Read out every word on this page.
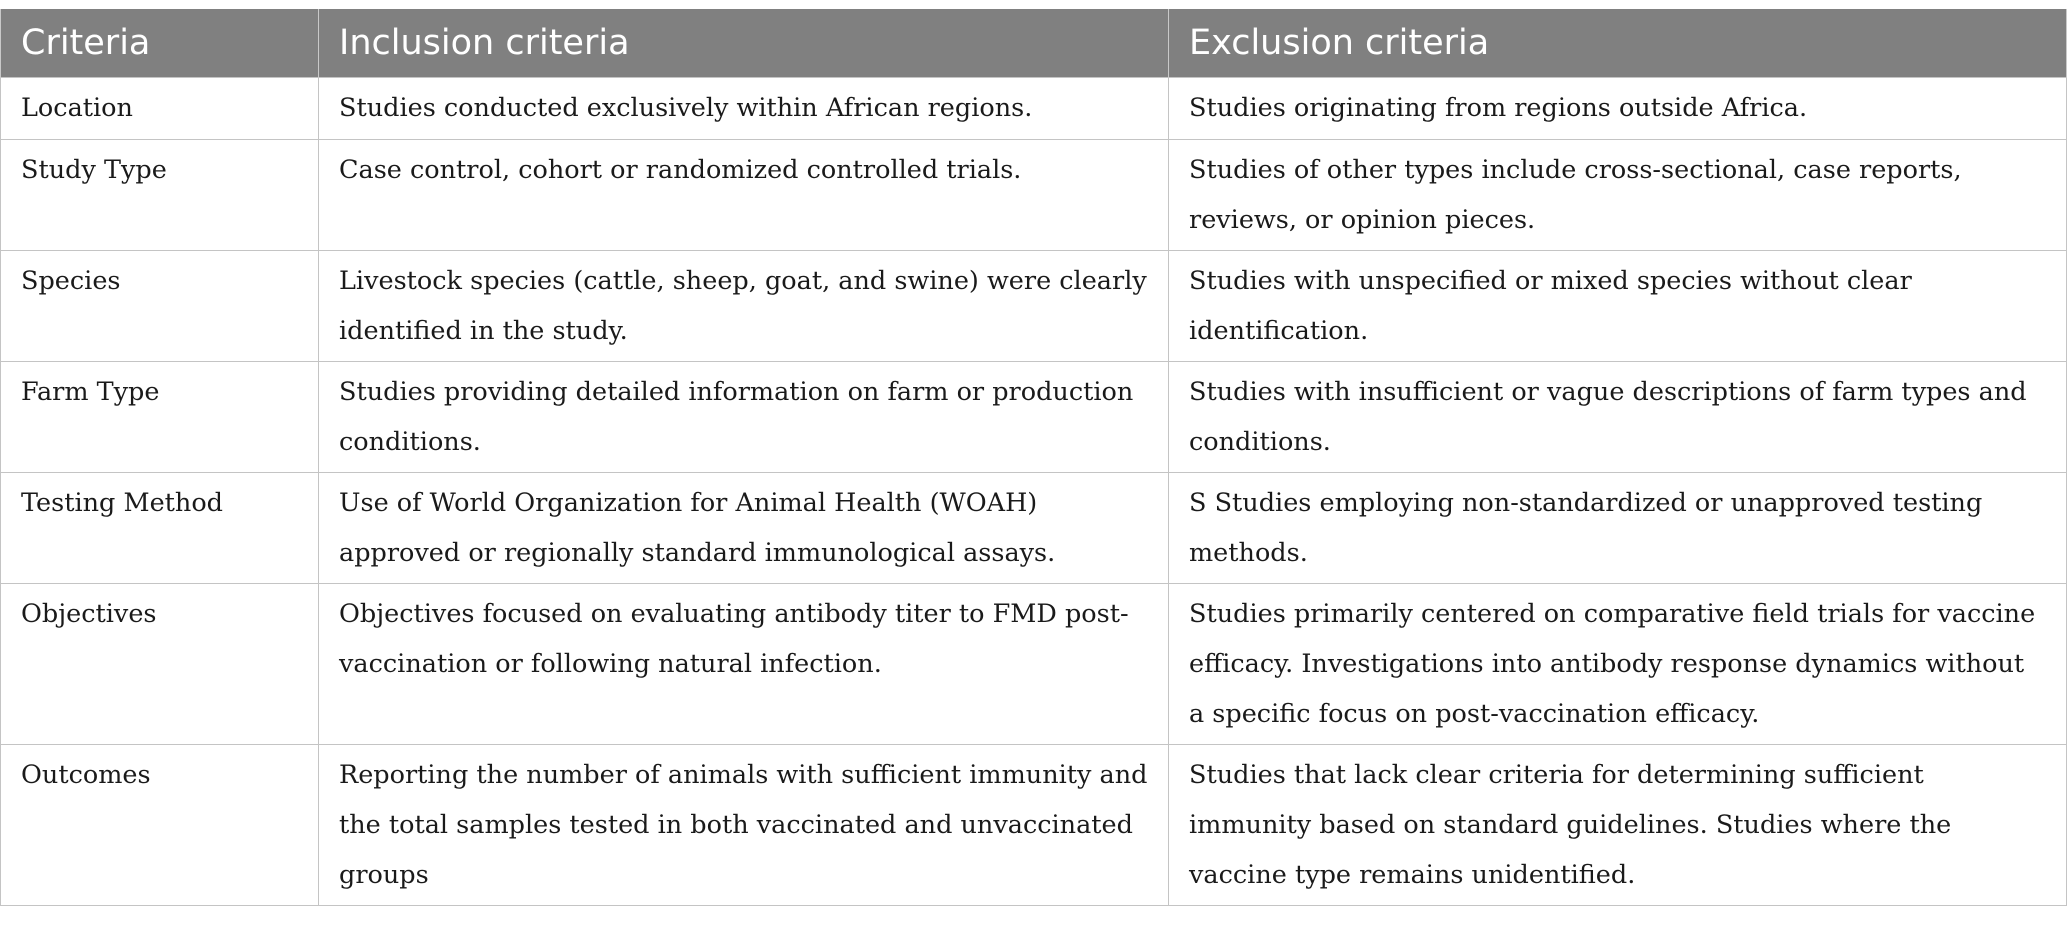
Criteria	Inclusion criteria	Exclusion criteria
Location	Studies conducted exclusively within African regions.	Studies originating from regions outside Africa.
Study Type	Case control, cohort or randomized controlled trials.	Studies of other types include cross-sectional, case reports, reviews, or opinion pieces.
Species	Livestock species (cattle, sheep, goat, and swine) were clearly identified in the study.	Studies with unspecified or mixed species without clear identification.
Farm Type	Studies providing detailed information on farm or production conditions.	Studies with insufficient or vague descriptions of farm types and conditions.
Testing Method	Use of World Organization for Animal Health (WOAH) approved or regionally standard immunological assays.	S Studies employing non-standardized or unapproved testing methods.
Objectives	Objectives focused on evaluating antibody titer to FMD post-vaccination or following natural infection.	Studies primarily centered on comparative field trials for vaccine efficacy. Investigations into antibody response dynamics without a specific focus on post-vaccination efficacy.
Outcomes	Reporting the number of animals with sufficient immunity and the total samples tested in both vaccinated and unvaccinated groups	Studies that lack clear criteria for determining sufficient immunity based on standard guidelines. Studies where the vaccine type remains unidentified.
